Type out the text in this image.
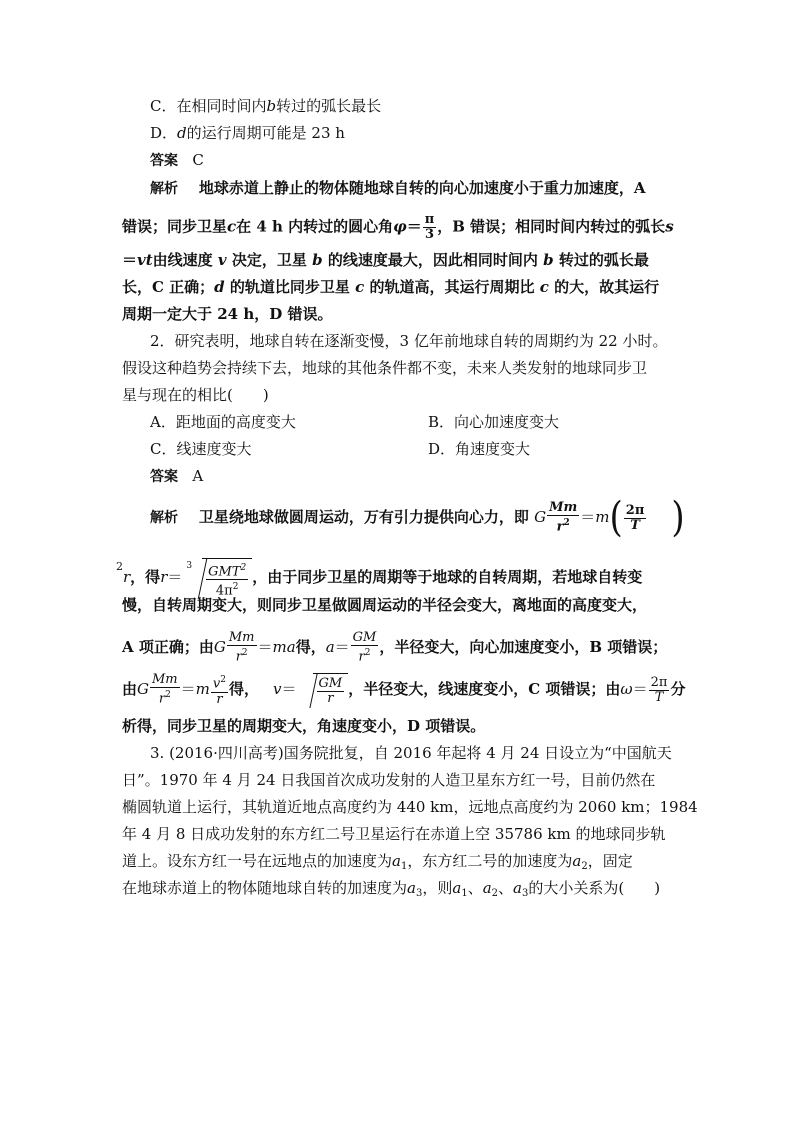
C．在相同时间内b转过的弧长最长
D．d的运行周期可能是 23 h
答案 C
解析 地球赤道上静止的物体随地球自转的向心加速度小于重力加速度，A
错误；同步卫星c在 4 h 内转过的圆心角$\varphi= \frac{\pi}{3}$ ，B 错误；相同时间内转过的弧长s
＝vt由线速度 v 决定，卫星 b 的线速度最大，因此相同时间内 b 转过的弧长最
长，C 正确；d 的轨道比同步卫星 c 的轨道高，其运行周期比 c 的大，故其运行
周期一定大于 24 h，D 错误。
2．研究表明，地球自转在逐渐变慢，3 亿年前地球自转的周期约为 22 小时。
假设这种趋势会持续下去，地球的其他条件都不变，未来人类发射的地球同步卫
星与现在的相比(　　)
A．距地面的高度变大	B．向心加速度变大
C．线速度变大	D．角速度变大
答案 A
解析 卫星绕地球做圆周运动，万有引力提供向心力，即 G $\frac{Mm}{r^2} =m( \frac{2\pi}{T}$ )
$^2$r，得$r=^3 \frac{GMT^2}{4\pi^2}$ ，由于同步卫星的周期等于地球的自转周期，若地球自转变
慢，自转周期变大，则同步卫星做圆周运动的半径会变大，离地面的高度变大，
A 项正确；由G $\frac{Mm}{r^2} =ma$得，$a= \frac{GM}{r^2}$ ，半径变大，向心加速度变小，B 项错误；
由G $\frac{Mm}{r^2} =m \frac{v^2}{r}$ 得， $v= \frac{GM}{r}$ ，半径变大，线速度变小，C 项错误；由$\omega= \frac{2\pi}{T}$ 分
析得，同步卫星的周期变大，角速度变小，D 项错误。
3. (2016·四川高考)国务院批复，自 2016 年起将 4 月 24 日设立为“中国航天
日”。1970 年 4 月 24 日我国首次成功发射的人造卫星东方红一号，目前仍然在
椭圆轨道上运行，其轨道近地点高度约为 440 km，远地点高度约为 2060 km；1984
年 4 月 8 日成功发射的东方红二号卫星运行在赤道上空 35786 km 的地球同步轨
道上。设东方红一号在远地点的加速度为$a_1$，东方红二号的加速度为$a_2$，固定
在地球赤道上的物体随地球自转的加速度为$a_3$，则$a_1$、$a_2$、$a_3$的大小关系为(　　)
